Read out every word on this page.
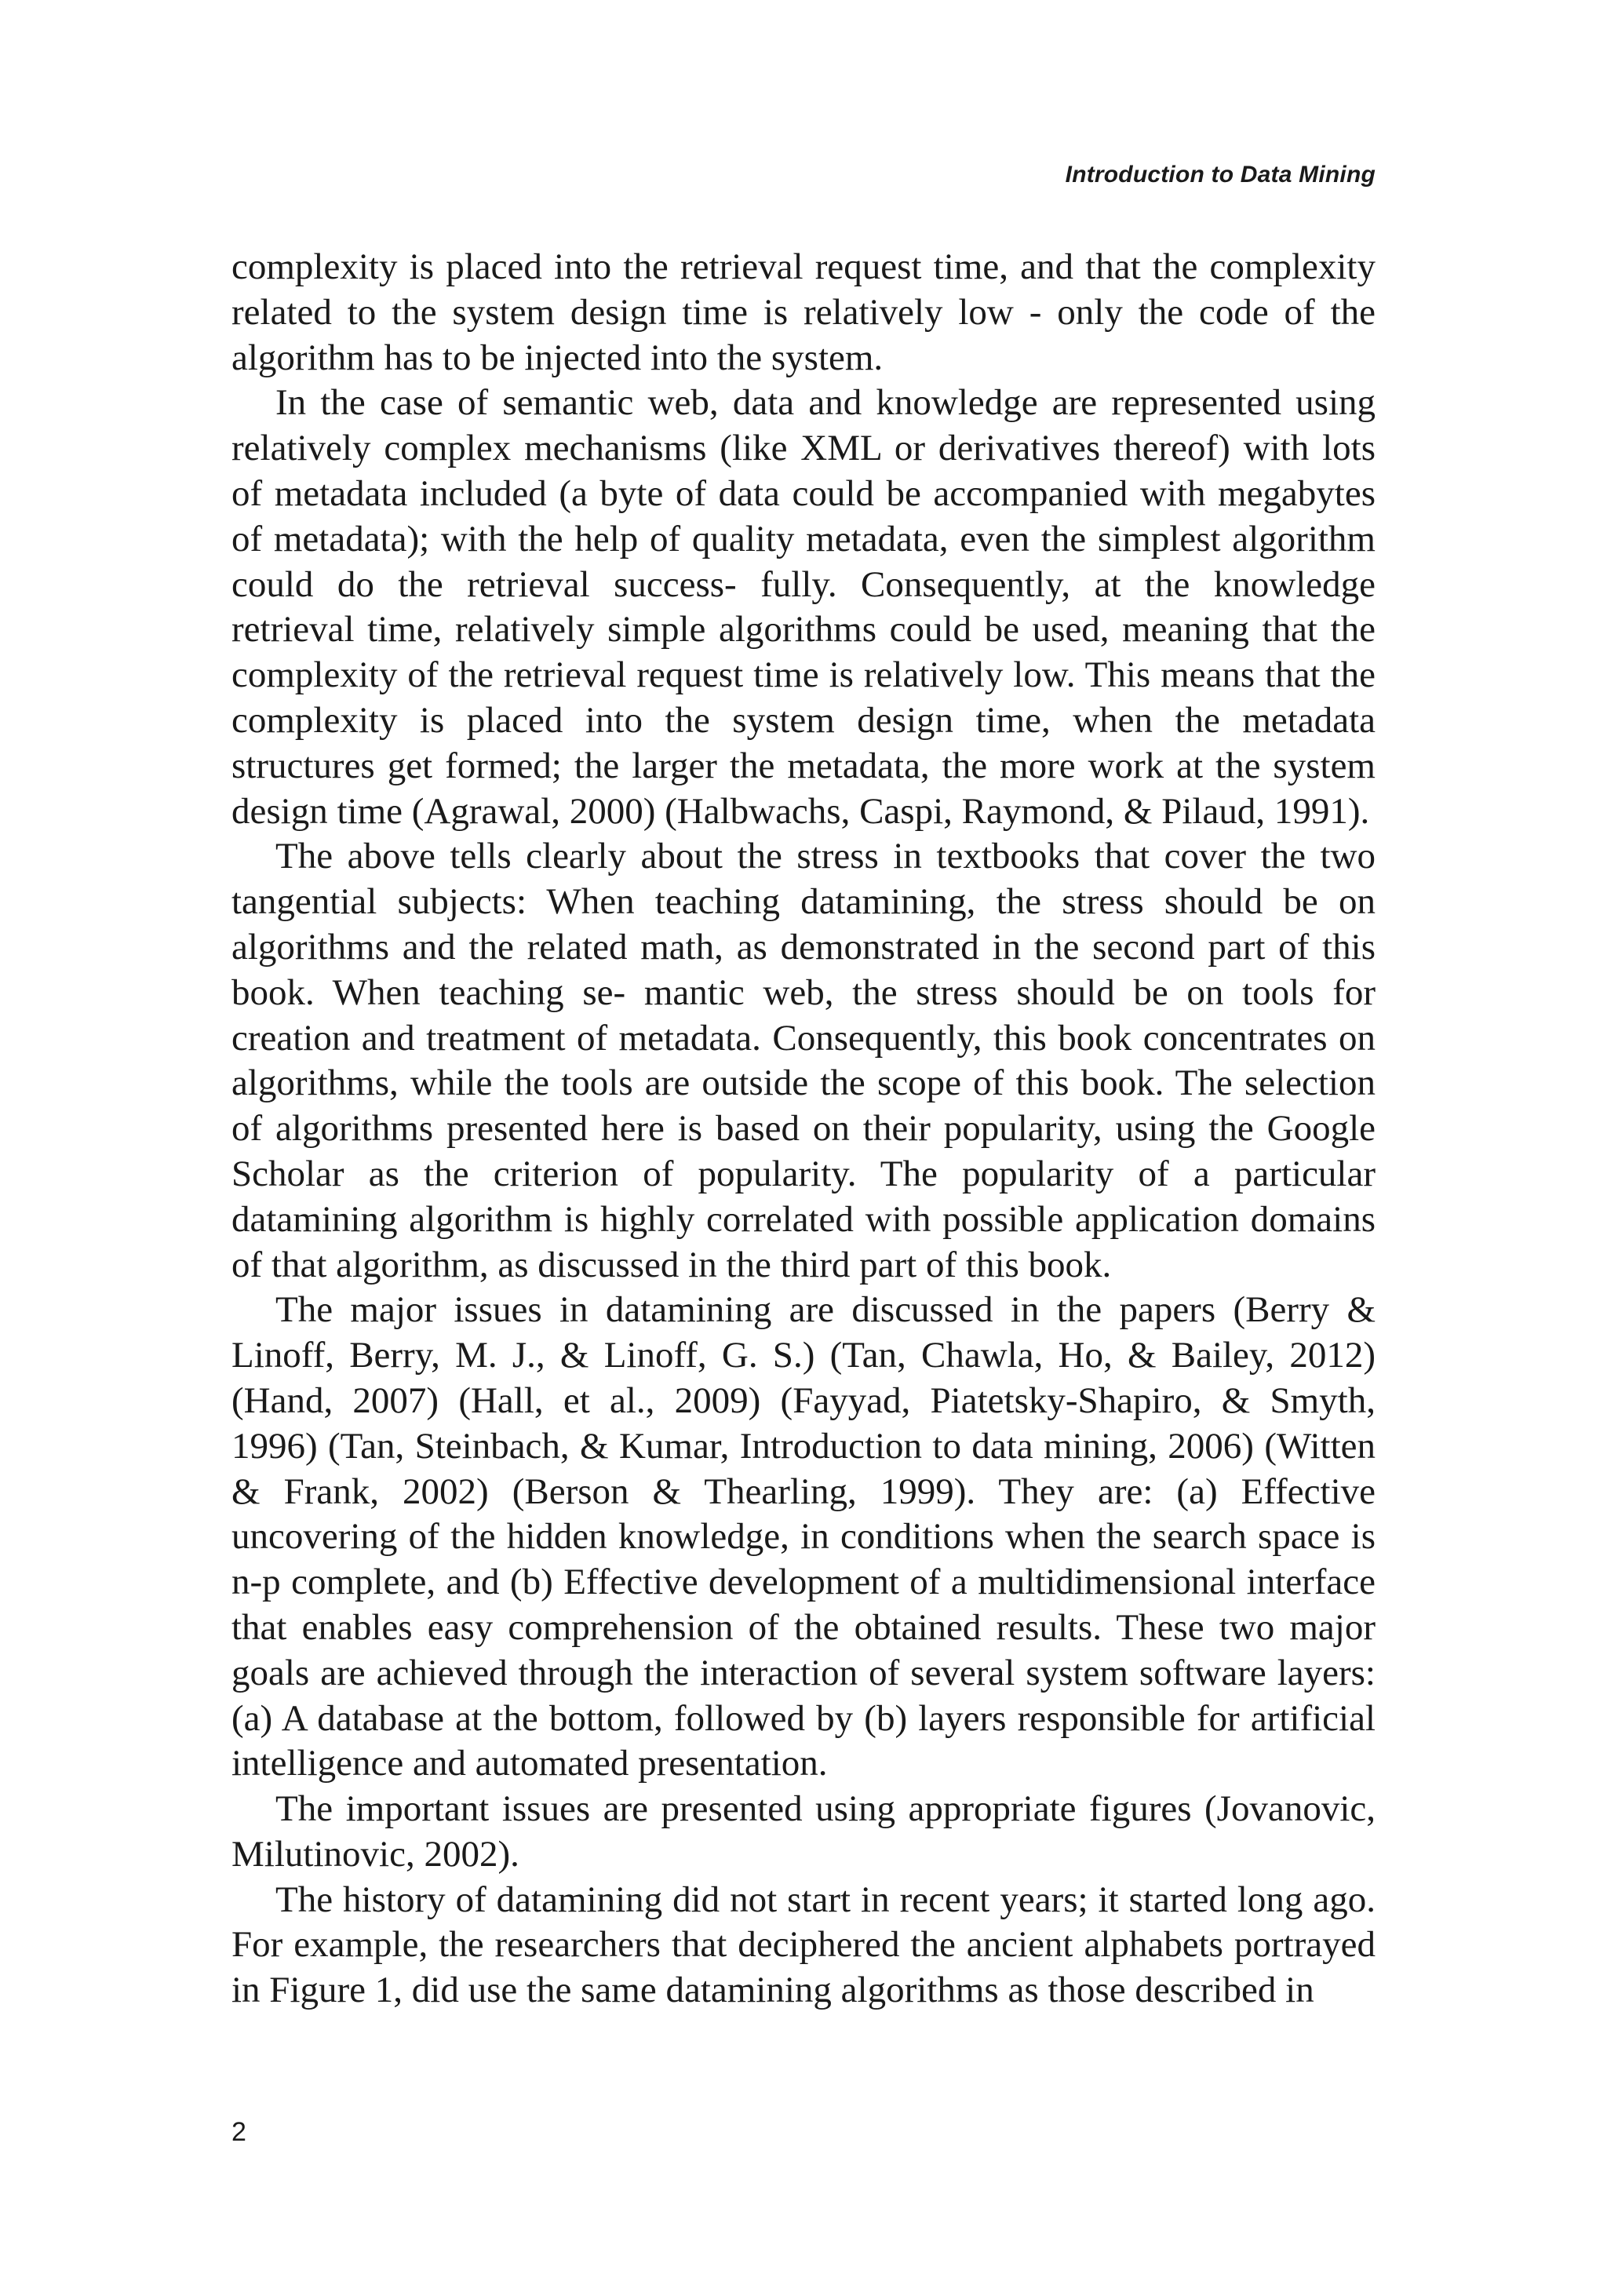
Introduction to Data Mining

complexity is placed into the retrieval request time, and that the complexity related to the system design time is relatively low - only the code of the algorithm has to be injected into the system.

In the case of semantic web, data and knowledge are represented using relatively complex mechanisms (like XML or derivatives thereof) with lots of metadata included (a byte of data could be accompanied with megabytes of metadata); with the help of quality metadata, even the simplest algorithm could do the retrieval success- fully. Consequently, at the knowledge retrieval time, relatively simple algorithms could be used, meaning that the complexity of the retrieval request time is relatively low. This means that the complexity is placed into the system design time, when the metadata structures get formed; the larger the metadata, the more work at the system design time (Agrawal, 2000) (Halbwachs, Caspi, Raymond, & Pilaud, 1991).

The above tells clearly about the stress in textbooks that cover the two tangential subjects: When teaching datamining, the stress should be on algorithms and the related math, as demonstrated in the second part of this book. When teaching se- mantic web, the stress should be on tools for creation and treatment of metadata. Consequently, this book concentrates on algorithms, while the tools are outside the scope of this book. The selection of algorithms presented here is based on their popularity, using the Google Scholar as the criterion of popularity. The popularity of a particular datamining algorithm is highly correlated with possible application domains of that algorithm, as discussed in the third part of this book.

The major issues in datamining are discussed in the papers (Berry & Linoff, Berry, M. J., & Linoff, G. S.) (Tan, Chawla, Ho, & Bailey, 2012) (Hand, 2007) (Hall, et al., 2009) (Fayyad, Piatetsky-Shapiro, & Smyth, 1996) (Tan, Steinbach, & Kumar, Introduction to data mining, 2006) (Witten & Frank, 2002) (Berson & Thearling, 1999). They are: (a) Effective uncovering of the hidden knowledge, in conditions when the search space is n-p complete, and (b) Effective development of a multidimensional interface that enables easy comprehension of the obtained results. These two major goals are achieved through the interaction of several system software layers: (a) A database at the bottom, followed by (b) layers responsible for artificial intelligence and automated presentation.

The important issues are presented using appropriate figures (Jovanovic, Milutinovic, 2002).

The history of datamining did not start in recent years; it started long ago. For example, the researchers that deciphered the ancient alphabets portrayed in Figure 1, did use the same datamining algorithms as those described in

2
